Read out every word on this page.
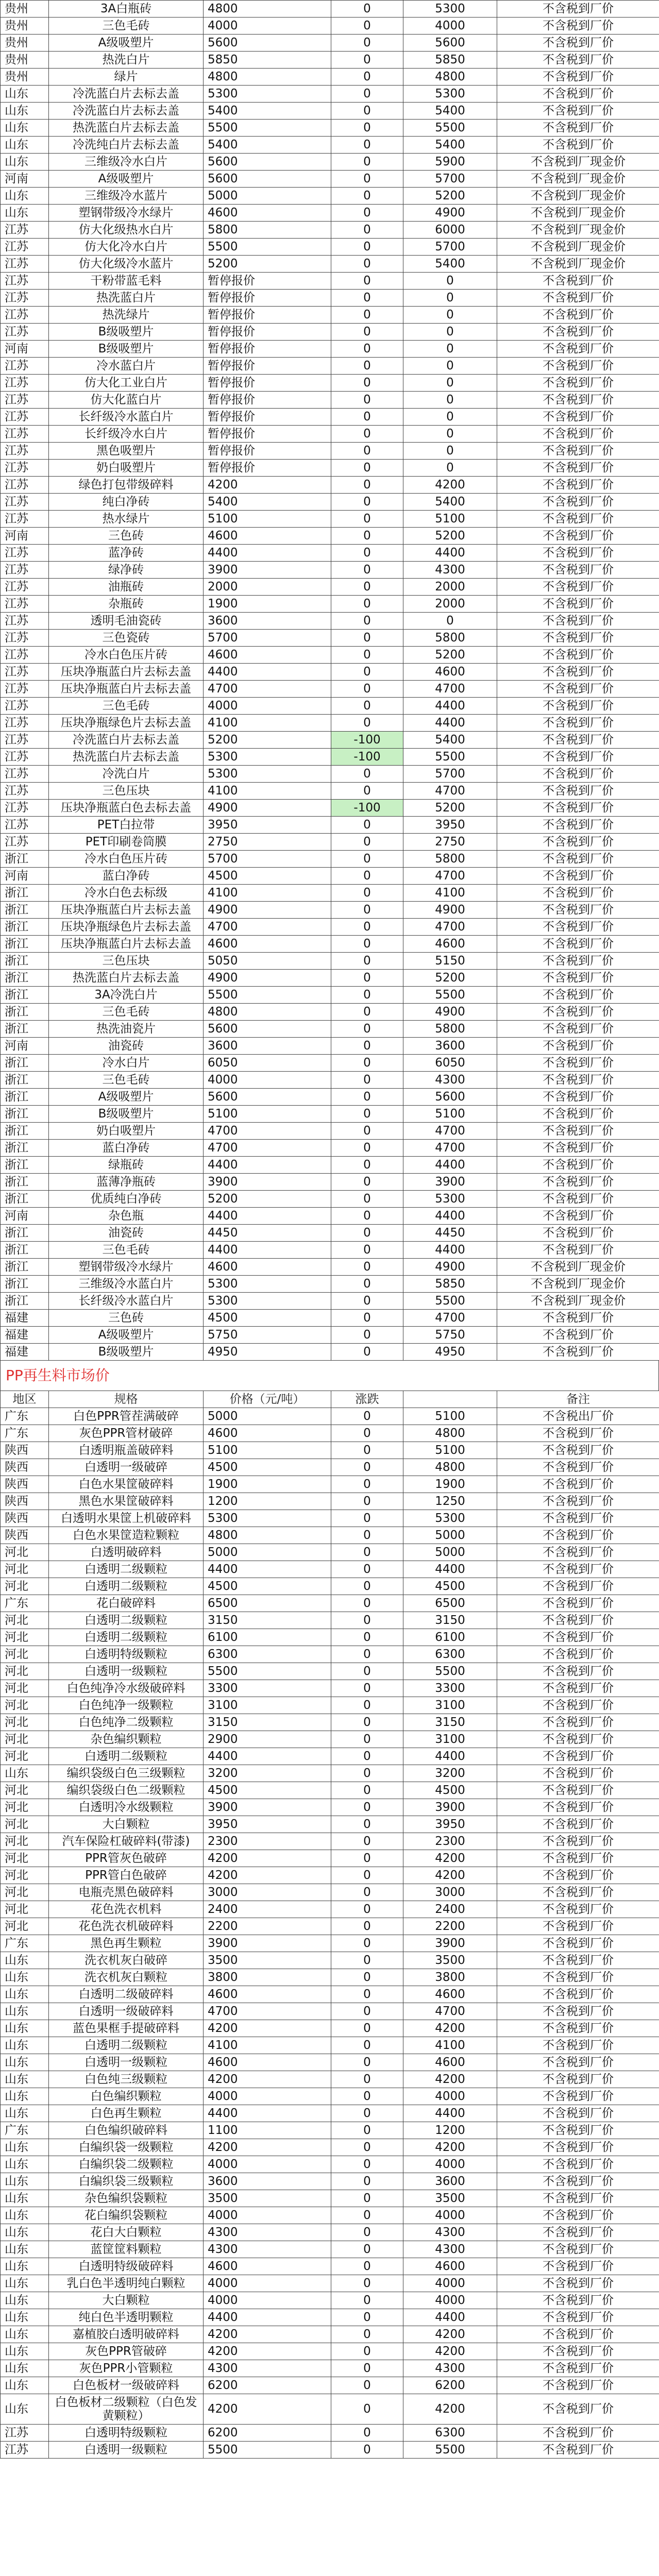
贵州	3A白瓶砖	4800	0	5300	不含税到厂价
贵州	三色毛砖	4000	0	4000	不含税到厂价
贵州	A级吸塑片	5600	0	5600	不含税到厂价
贵州	热洗白片	5850	0	5850	不含税到厂价
贵州	绿片	4800	0	4800	不含税到厂价
山东	冷洗蓝白片去标去盖	5300	0	5300	不含税到厂价
山东	冷洗蓝白片去标去盖	5400	0	5400	不含税到厂价
山东	热洗蓝白片去标去盖	5500	0	5500	不含税到厂价
山东	冷洗纯白片去标去盖	5400	0	5400	不含税到厂价
山东	三维级冷水白片	5600	0	5900	不含税到厂现金价
河南	A级吸塑片	5600	0	5700	不含税到厂现金价
山东	三维级冷水蓝片	5000	0	5200	不含税到厂现金价
山东	塑钢带级冷水绿片	4600	0	4900	不含税到厂现金价
江苏	仿大化级热水白片	5800	0	6000	不含税到厂现金价
江苏	仿大化冷水白片	5500	0	5700	不含税到厂现金价
江苏	仿大化级冷水蓝片	5200	0	5400	不含税到厂现金价
江苏	干粉带蓝毛料	暂停报价	0	0	不含税到厂价
江苏	热洗蓝白片	暂停报价	0	0	不含税到厂价
江苏	热洗绿片	暂停报价	0	0	不含税到厂价
江苏	B级吸塑片	暂停报价	0	0	不含税到厂价
河南	B级吸塑片	暂停报价	0	0	不含税到厂价
江苏	冷水蓝白片	暂停报价	0	0	不含税到厂价
江苏	仿大化工业白片	暂停报价	0	0	不含税到厂价
江苏	仿大化蓝白片	暂停报价	0	0	不含税到厂价
江苏	长纤级冷水蓝白片	暂停报价	0	0	不含税到厂价
江苏	长纤级冷水白片	暂停报价	0	0	不含税到厂价
江苏	黑色吸塑片	暂停报价	0	0	不含税到厂价
江苏	奶白吸塑片	暂停报价	0	0	不含税到厂价
江苏	绿色打包带级碎料	4200	0	4200	不含税到厂价
江苏	纯白净砖	5400	0	5400	不含税到厂价
江苏	热水绿片	5100	0	5100	不含税到厂价
河南	三色砖	4600	0	5200	不含税到厂价
江苏	蓝净砖	4400	0	4400	不含税到厂价
江苏	绿净砖	3900	0	4300	不含税到厂价
江苏	油瓶砖	2000	0	2000	不含税到厂价
江苏	杂瓶砖	1900	0	2000	不含税到厂价
江苏	透明毛油瓷砖	3600	0	0	不含税到厂价
江苏	三色瓷砖	5700	0	5800	不含税到厂价
江苏	冷水白色压片砖	4600	0	5200	不含税到厂价
江苏	压块净瓶蓝白片去标去盖	4400	0	4600	不含税到厂价
江苏	压块净瓶蓝白片去标去盖	4700	0	4700	不含税到厂价
江苏	三色毛砖	4000	0	4400	不含税到厂价
江苏	压块净瓶绿色片去标去盖	4100	0	4400	不含税到厂价
江苏	冷洗蓝白片去标去盖	5200	-100	5400	不含税到厂价
江苏	热洗蓝白片去标去盖	5300	-100	5500	不含税到厂价
江苏	冷洗白片	5300	0	5700	不含税到厂价
江苏	三色压块	4100	0	4700	不含税到厂价
江苏	压块净瓶蓝白色去标去盖	4900	-100	5200	不含税到厂价
江苏	PET白拉带	3950	0	3950	不含税到厂价
江苏	PET印刷卷筒膜	2750	0	2750	不含税到厂价
浙江	冷水白色压片砖	5700	0	5800	不含税到厂价
河南	蓝白净砖	4500	0	4700	不含税到厂价
浙江	冷水白色去标级	4100	0	4100	不含税到厂价
浙江	压块净瓶蓝白片去标去盖	4900	0	4900	不含税到厂价
浙江	压块净瓶绿色片去标去盖	4700	0	4700	不含税到厂价
浙江	压块净瓶蓝白片去标去盖	4600	0	4600	不含税到厂价
浙江	三色压块	5050	0	5150	不含税到厂价
浙江	热洗蓝白片去标去盖	4900	0	5200	不含税到厂价
浙江	3A冷洗白片	5500	0	5500	不含税到厂价
浙江	三色毛砖	4800	0	4900	不含税到厂价
浙江	热洗油瓷片	5600	0	5800	不含税到厂价
河南	油瓷砖	3600	0	3600	不含税到厂价
浙江	冷水白片	6050	0	6050	不含税到厂价
浙江	三色毛砖	4000	0	4300	不含税到厂价
浙江	A级吸塑片	5600	0	5600	不含税到厂价
浙江	B级吸塑片	5100	0	5100	不含税到厂价
浙江	奶白吸塑片	4700	0	4700	不含税到厂价
浙江	蓝白净砖	4700	0	4700	不含税到厂价
浙江	绿瓶砖	4400	0	4400	不含税到厂价
浙江	蓝薄净瓶砖	3900	0	3900	不含税到厂价
浙江	优质纯白净砖	5200	0	5300	不含税到厂价
河南	杂色瓶	4400	0	4400	不含税到厂价
浙江	油瓷砖	4450	0	4450	不含税到厂价
浙江	三色毛砖	4400	0	4400	不含税到厂价
浙江	塑钢带级冷水绿片	4600	0	4900	不含税到厂现金价
浙江	三维级冷水蓝白片	5300	0	5850	不含税到厂现金价
浙江	长纤级冷水蓝白片	5300	0	5500	不含税到厂现金价
福建	三色砖	4500	0	4700	不含税到厂价
福建	A级吸塑片	5750	0	5750	不含税到厂价
福建	B级吸塑片	4950	0	4950	不含税到厂价
PP再生料市场价
地区	规格	价格（元/吨）	涨跌		备注
广东	白色PPR管茬满破碎	5000	0	5100	不含税出厂价
广东	灰色PPR管材破碎	4600	0	4800	不含税到厂价
陕西	白透明瓶盖破碎料	5100	0	5100	不含税到厂价
陕西	白透明一级破碎	4500	0	4800	不含税到厂价
陕西	白色水果筐破碎料	1900	0	1900	不含税到厂价
陕西	黑色水果筐破碎料	1200	0	1250	不含税到厂价
陕西	白透明水果筐上机破碎料	5300	0	5300	不含税到厂价
陕西	白色水果筐造粒颗粒	4800	0	5000	不含税到厂价
河北	白透明破碎料	5000	0	5000	不含税到厂价
河北	白透明二级颗粒	4400	0	4400	不含税到厂价
河北	白透明二级颗粒	4500	0	4500	不含税到厂价
广东	花白破碎料	6500	0	6500	不含税到厂价
河北	白透明二级颗粒	3150	0	3150	不含税到厂价
河北	白透明二级颗粒	6100	0	6100	不含税到厂价
河北	白透明特级颗粒	6300	0	6300	不含税到厂价
河北	白透明一级颗粒	5500	0	5500	不含税到厂价
河北	白色纯净冷水级破碎料	3300	0	3300	不含税到厂价
河北	白色纯净一级颗粒	3100	0	3100	不含税到厂价
河北	白色纯净二级颗粒	3150	0	3150	不含税到厂价
河北	杂色编织颗粒	2900	0	3100	不含税到厂价
河北	白透明二级颗粒	4400	0	4400	不含税到厂价
山东	编织袋级白色三级颗粒	3200	0	3200	不含税到厂价
河北	编织袋级白色二级颗粒	4500	0	4500	不含税到厂价
河北	白透明冷水级颗粒	3900	0	3900	不含税到厂价
河北	大白颗粒	3950	0	3950	不含税到厂价
河北	汽车保险杠破碎料(带漆)	2300	0	2300	不含税到厂价
河北	PPR管灰色破碎	4200	0	4200	不含税到厂价
河北	PPR管白色破碎	4200	0	4200	不含税到厂价
河北	电瓶壳黑色破碎料	3000	0	3000	不含税到厂价
河北	花色洗衣机料	2400	0	2400	不含税到厂价
河北	花色洗衣机破碎料	2200	0	2200	不含税到厂价
广东	黑色再生颗粒	3900	0	3900	不含税到厂价
山东	洗衣机灰白破碎	3500	0	3500	不含税到厂价
山东	洗衣机灰白颗粒	3800	0	3800	不含税到厂价
山东	白透明二级破碎料	4600	0	4600	不含税到厂价
山东	白透明一级破碎料	4700	0	4700	不含税到厂价
山东	蓝色果框手提破碎料	4200	0	4200	不含税到厂价
山东	白透明二级颗粒	4100	0	4100	不含税到厂价
山东	白透明一级颗粒	4600	0	4600	不含税到厂价
山东	白色纯三级颗粒	4200	0	4200	不含税到厂价
山东	白色编织颗粒	4000	0	4000	不含税到厂价
山东	白色再生颗粒	4400	0	4400	不含税到厂价
广东	白色编织破碎料	1100	0	1200	不含税到厂价
山东	白编织袋一级颗粒	4200	0	4200	不含税到厂价
山东	白编织袋二级颗粒	4000	0	4000	不含税到厂价
山东	白编织袋三级颗粒	3600	0	3600	不含税到厂价
山东	杂色编织袋颗粒	3500	0	3500	不含税到厂价
山东	花白编织袋颗粒	4000	0	4000	不含税到厂价
山东	花白大白颗粒	4300	0	4300	不含税到厂价
山东	蓝筐筐料颗粒	4300	0	4300	不含税到厂价
山东	白透明特级破碎料	4600	0	4600	不含税到厂价
山东	乳白色半透明纯白颗粒	4000	0	4000	不含税到厂价
山东	大白颗粒	4000	0	4000	不含税到厂价
山东	纯白色半透明颗粒	4400	0	4400	不含税到厂价
山东	嘉植胶白透明破碎料	4200	0	4200	不含税到厂价
山东	灰色PPR管破碎	4200	0	4200	不含税到厂价
山东	灰色PPR小管颗粒	4300	0	4300	不含税到厂价
山东	白色板材一级破碎料	6200	0	6200	不含税到厂价
山东	白色板材二级颗粒（白色发黄颗粒）	4200	0	4200	不含税到厂价
江苏	白透明特级颗粒	6200	0	6300	不含税到厂价
江苏	白透明一级颗粒	5500	0	5500	不含税到厂价
